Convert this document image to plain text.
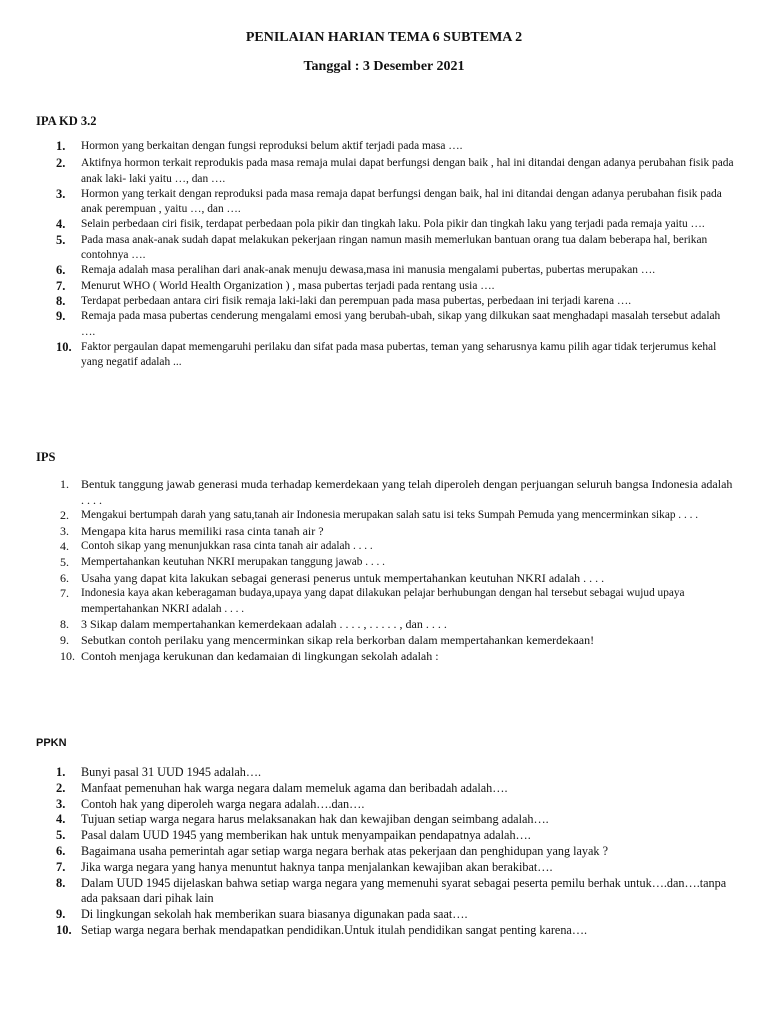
PENILAIAN HARIAN TEMA 6 SUBTEMA 2
Tanggal : 3 Desember 2021
IPA KD 3.2
1. Hormon yang berkaitan dengan fungsi reproduksi belum aktif terjadi pada masa ….
2. Aktifnya hormon terkait reprodukis pada masa remaja mulai dapat berfungsi dengan baik , hal ini ditandai dengan adanya perubahan fisik pada anak laki- laki yaitu …, dan ….
3. Hormon yang terkait dengan reproduksi pada masa remaja dapat berfungsi dengan baik, hal ini ditandai dengan adanya perubahan fisik pada anak perempuan , yaitu …, dan ….
4. Selain perbedaan ciri fisik, terdapat perbedaan pola pikir dan tingkah laku. Pola pikir dan tingkah laku yang terjadi pada remaja yaitu ….
5. Pada masa anak-anak sudah dapat melakukan pekerjaan ringan namun masih memerlukan bantuan orang tua dalam beberapa hal, berikan contohnya ….
6. Remaja adalah masa peralihan dari anak-anak menuju dewasa,masa ini manusia mengalami pubertas, pubertas merupakan ….
7. Menurut WHO ( World Health Organization ) , masa pubertas terjadi pada rentang usia ….
8. Terdapat perbedaan antara ciri fisik remaja laki-laki dan perempuan pada masa pubertas, perbedaan ini terjadi karena ….
9. Remaja pada masa pubertas cenderung mengalami emosi yang berubah-ubah, sikap yang dilkukan saat menghadapi masalah tersebut adalah ….
10. Faktor pergaulan dapat memengaruhi perilaku dan sifat pada masa pubertas, teman yang seharusnya kamu pilih agar tidak terjerumus kehal yang negatif adalah ...
IPS
1. Bentuk tanggung jawab generasi muda terhadap kemerdekaan yang telah diperoleh dengan perjuangan seluruh bangsa Indonesia adalah . . . .
2. Mengakui bertumpah darah yang satu,tanah air Indonesia merupakan salah satu isi teks Sumpah Pemuda yang mencerminkan sikap . . . .
3. Mengapa kita harus memiliki rasa cinta tanah air ?
4. Contoh sikap yang menunjukkan rasa cinta tanah air adalah . . . .
5. Mempertahankan keutuhan NKRI merupakan tanggung jawab . . . .
6. Usaha yang dapat kita lakukan sebagai generasi penerus untuk mempertahankan keutuhan NKRI adalah . . . .
7. Indonesia kaya akan keberagaman budaya,upaya yang dapat dilakukan pelajar berhubungan dengan hal tersebut sebagai wujud upaya mempertahankan NKRI adalah . . . .
8. 3 Sikap dalam mempertahankan kemerdekaan adalah . . . . , . . . . . , dan . . . .
9. Sebutkan contoh perilaku yang mencerminkan sikap rela berkorban dalam mempertahankan kemerdekaan!
10. Contoh menjaga kerukunan dan kedamaian di lingkungan sekolah adalah :
PPKN
1. Bunyi pasal 31 UUD 1945 adalah….
2. Manfaat pemenuhan hak warga negara dalam memeluk agama dan beribadah adalah….
3. Contoh hak yang diperoleh warga negara adalah….dan….
4. Tujuan setiap warga negara harus melaksanakan hak dan kewajiban dengan seimbang adalah….
5. Pasal dalam UUD 1945 yang memberikan hak untuk menyampaikan pendapatnya adalah….
6. Bagaimana usaha pemerintah agar setiap warga negara berhak atas pekerjaan dan penghidupan yang layak ?
7. Jika warga negara yang hanya menuntut haknya tanpa menjalankan kewajiban akan berakibat….
8. Dalam UUD 1945 dijelaskan bahwa setiap warga negara yang memenuhi syarat sebagai peserta pemilu berhak untuk….dan….tanpa ada paksaan dari pihak lain
9. Di lingkungan sekolah hak memberikan suara biasanya digunakan pada saat….
10. Setiap warga negara berhak mendapatkan pendidikan.Untuk itulah pendidikan sangat penting karena….
